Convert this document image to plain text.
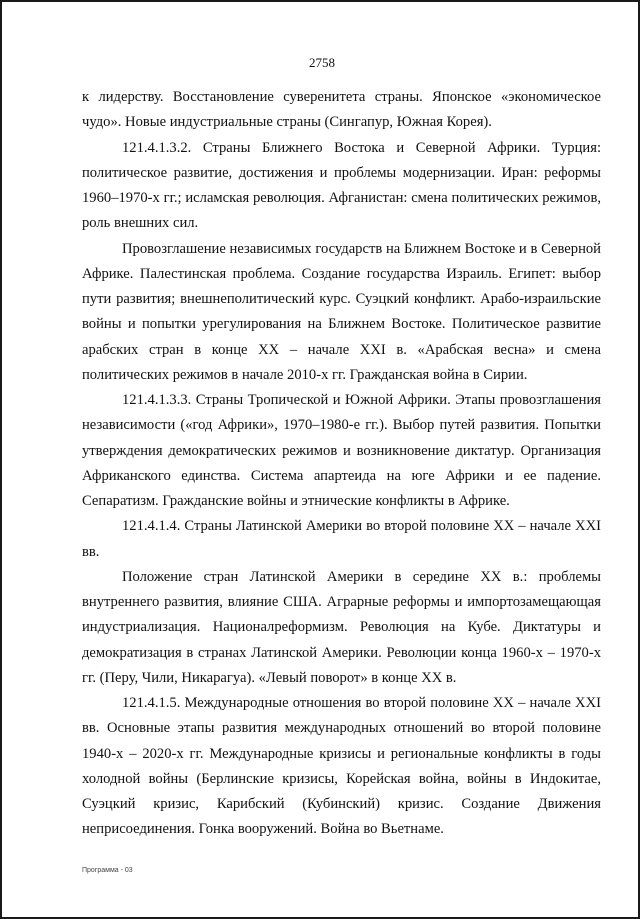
2758

к лидерству. Восстановление суверенитета страны. Японское «экономическое чудо». Новые индустриальные страны (Сингапур, Южная Корея).

121.4.1.3.2. Страны Ближнего Востока и Северной Африки. Турция: политическое развитие, достижения и проблемы модернизации. Иран: реформы 1960–1970-х гг.; исламская революция. Афганистан: смена политических режимов, роль внешних сил.

Провозглашение независимых государств на Ближнем Востоке и в Северной Африке. Палестинская проблема. Создание государства Израиль. Египет: выбор пути развития; внешнеполитический курс. Суэцкий конфликт. Арабо-израильские войны и попытки урегулирования на Ближнем Востоке. Политическое развитие арабских стран в конце XX – начале XXI в. «Арабская весна» и смена политических режимов в начале 2010-х гг. Гражданская война в Сирии.

121.4.1.3.3. Страны Тропической и Южной Африки. Этапы провозглашения независимости («год Африки», 1970–1980-е гг.). Выбор путей развития. Попытки утверждения демократических режимов и возникновение диктатур. Организация Африканского единства. Система апартеида на юге Африки и ее падение. Сепаратизм. Гражданские войны и этнические конфликты в Африке.

121.4.1.4. Страны Латинской Америки во второй половине XX – начале XXI вв.

Положение стран Латинской Америки в середине XX в.: проблемы внутреннего развития, влияние США. Аграрные реформы и импортозамещающая индустриализация. Националреформизм. Революция на Кубе. Диктатуры и демократизация в странах Латинской Америки. Революции конца 1960-х – 1970-х гг. (Перу, Чили, Никарагуа). «Левый поворот» в конце XX в.

121.4.1.5. Международные отношения во второй половине XX – начале XXI вв. Основные этапы развития международных отношений во второй половине 1940-х – 2020-х гг. Международные кризисы и региональные конфликты в годы холодной войны (Берлинские кризисы, Корейская война, войны в Индокитае, Суэцкий кризис, Карибский (Кубинский) кризис. Создание Движения неприсоединения. Гонка вооружений. Война во Вьетнаме.

Программа - 03
